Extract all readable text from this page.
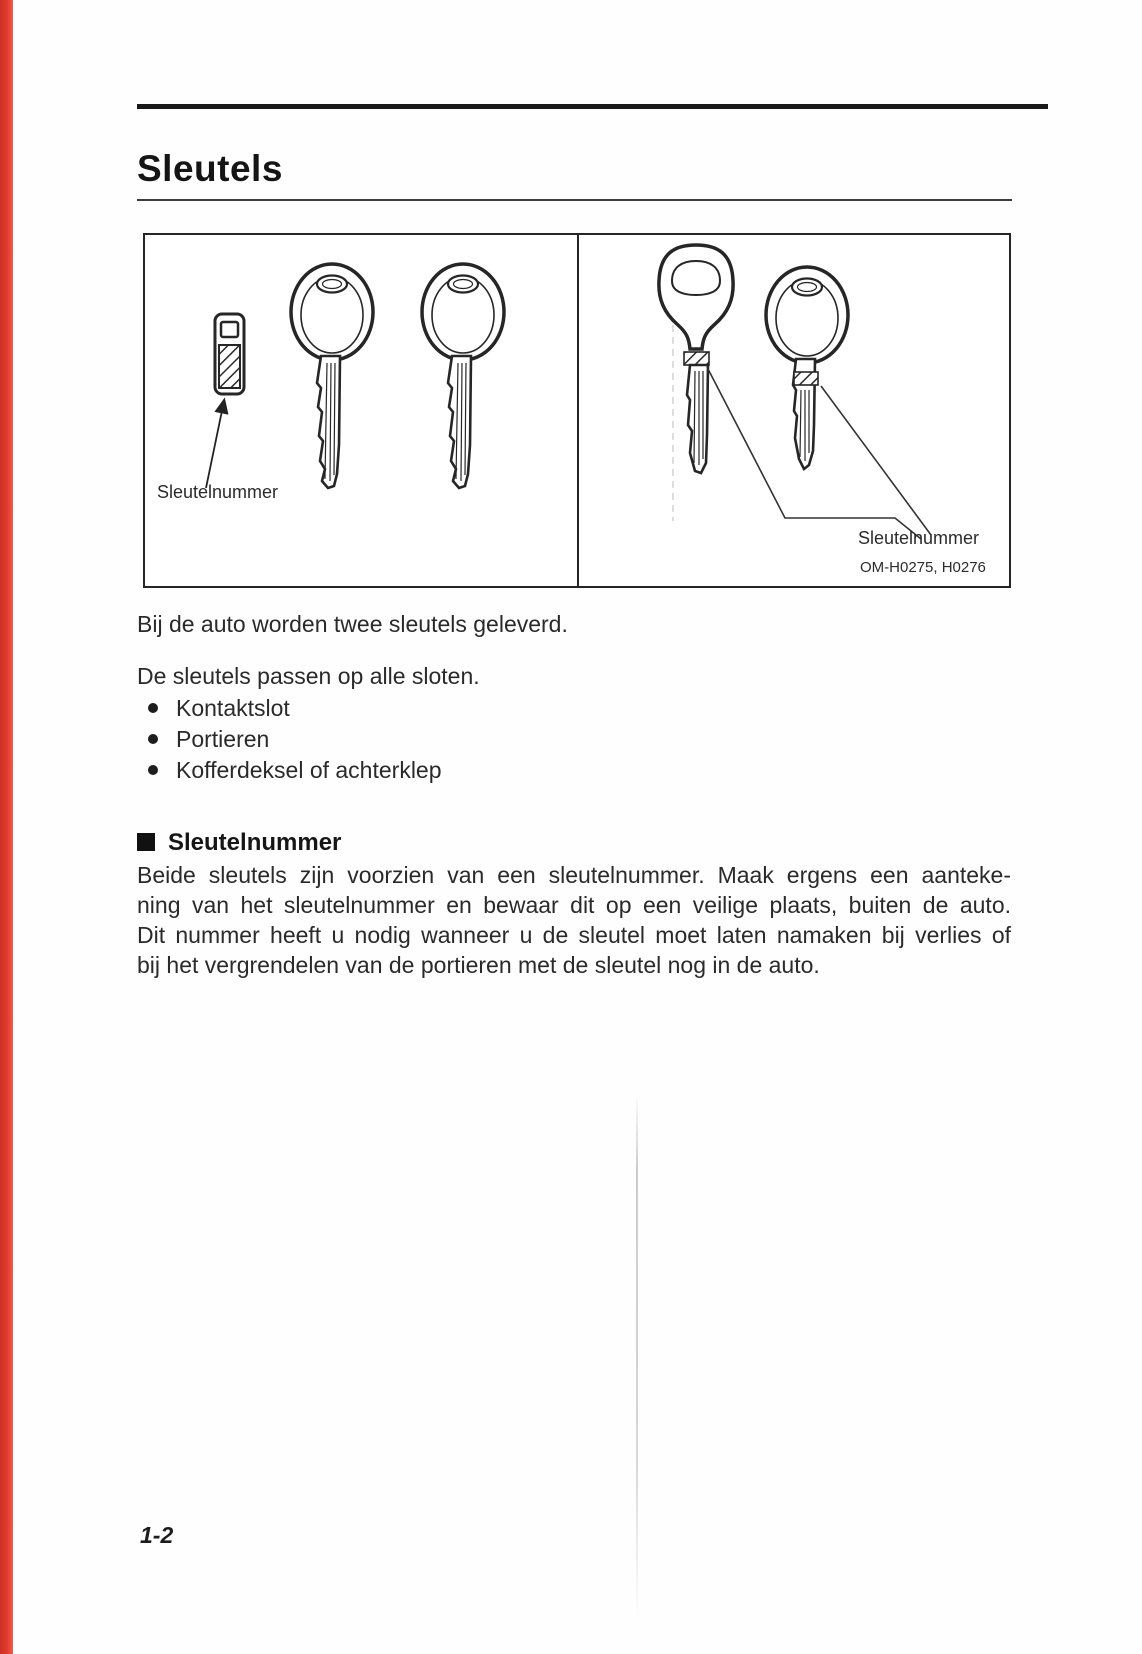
Sleutels
Sleutelnummer
Sleutelnummer
OM-H0275, H0276
Bij de auto worden twee sleutels geleverd.
De sleutels passen op alle sloten.
Kontaktslot
Portieren
Kofferdeksel of achterklep
Sleutelnummer
Beide sleutels zijn voorzien van een sleutelnummer. Maak ergens een aanteke-
ning van het sleutelnummer en bewaar dit op een veilige plaats, buiten de auto.
Dit nummer heeft u nodig wanneer u de sleutel moet laten namaken bij verlies of
bij het vergrendelen van de portieren met de sleutel nog in de auto.
1-2
